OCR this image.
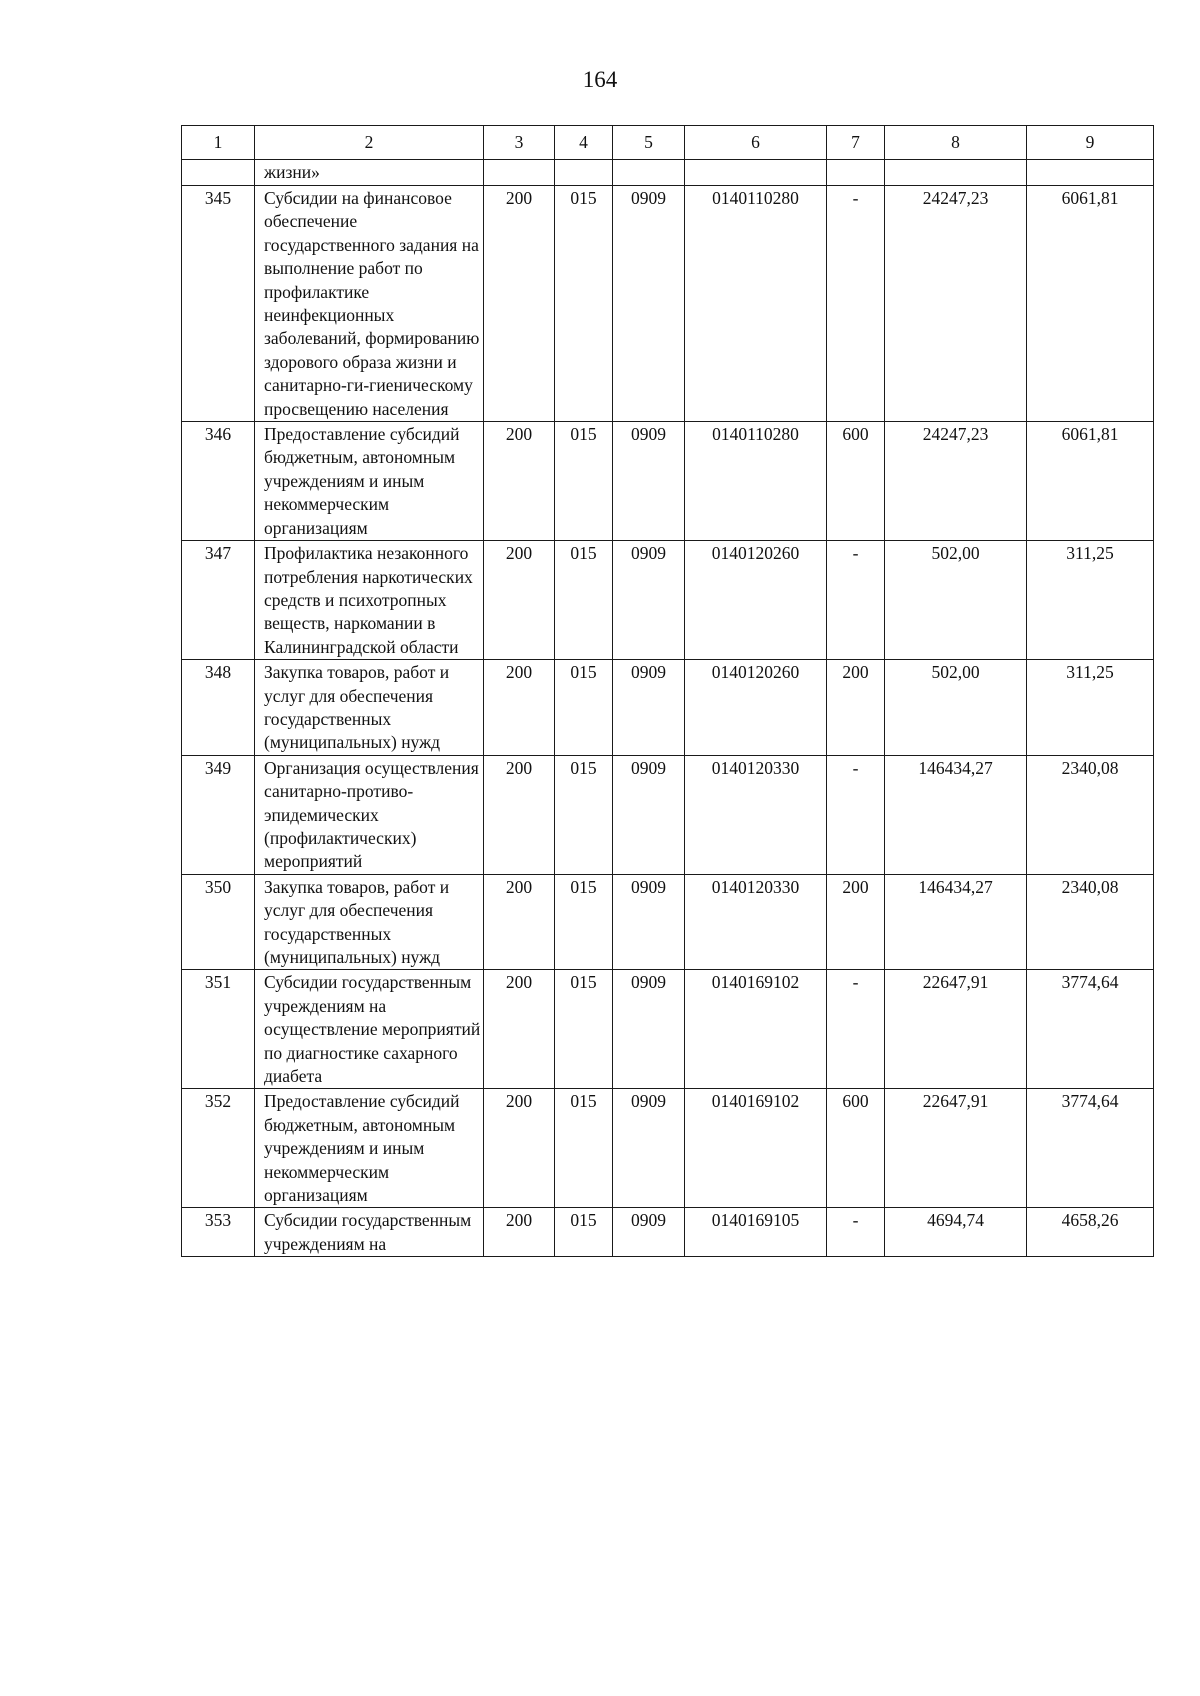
164
1	2	3	4	5	6	7	8	9
	жизни»							
345	Субсидии на финансовое обеспечение государственного задания на выполнение работ по профилактике неинфекционных заболеваний, формированию здорового образа жизни и санитарно-ги-гиеническому просвещению населения	200	015	0909	0140110280	-	24247,23	6061,81
346	Предоставление субсидий бюджетным, автономным учреждениям и иным некоммерческим организациям	200	015	0909	0140110280	600	24247,23	6061,81
347	Профилактика незаконного потребления наркотических средств и психотропных веществ, наркомании в Калининградской области	200	015	0909	0140120260	-	502,00	311,25
348	Закупка товаров, работ и услуг для обеспечения государственных (муниципальных) нужд	200	015	0909	0140120260	200	502,00	311,25
349	Организация осуществления санитарно-противо-эпидемических (профилактических) мероприятий	200	015	0909	0140120330	-	146434,27	2340,08
350	Закупка товаров, работ и услуг для обеспечения государственных (муниципальных) нужд	200	015	0909	0140120330	200	146434,27	2340,08
351	Субсидии государственным учреждениям на осуществление мероприятий по диагностике сахарного диабета	200	015	0909	0140169102	-	22647,91	3774,64
352	Предоставление субсидий бюджетным, автономным учреждениям и иным некоммерческим организациям	200	015	0909	0140169102	600	22647,91	3774,64
353	Субсидии государственным учреждениям на	200	015	0909	0140169105	-	4694,74	4658,26
